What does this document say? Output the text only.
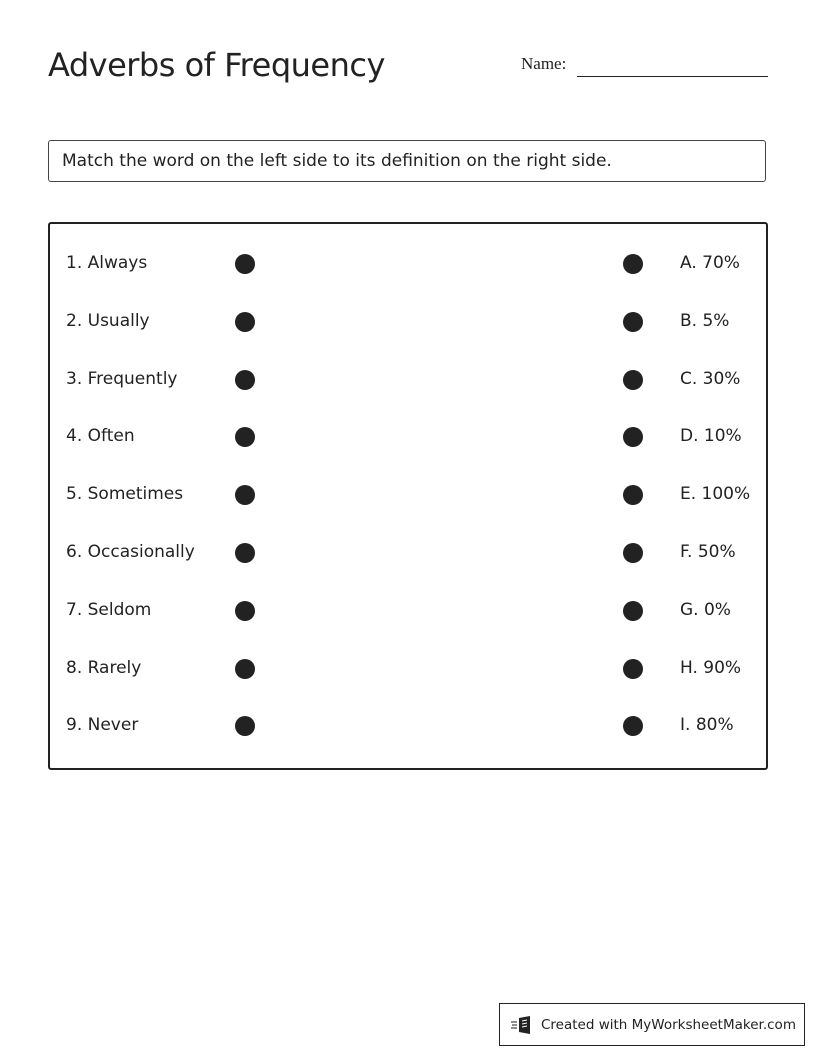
Adverbs of Frequency	Name:
Match the word on the left side to its definition on the right side.
1. Always	A. 70%
2. Usually	B. 5%
3. Frequently	C. 30%
4. Often	D. 10%
5. Sometimes	E. 100%
6. Occasionally	F. 50%
7. Seldom	G. 0%
8. Rarely	H. 90%
9. Never	I. 80%
Created with MyWorksheetMaker.com
